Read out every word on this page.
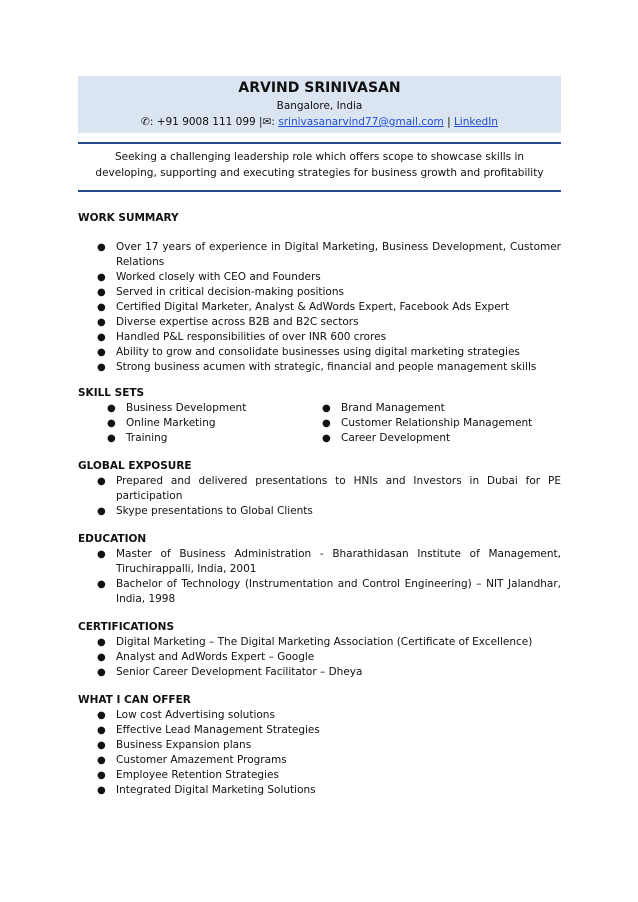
ARVIND SRINIVASAN
Bangalore, India
✆: +91 9008 111 099 |✉: srinivasanarvind77@gmail.com | LinkedIn
Seeking a challenging leadership role which offers scope to showcase skills in developing, supporting and executing strategies for business growth and profitability
WORK SUMMARY
● Over 17 years of experience in Digital Marketing, Business Development, Customer Relations
● Worked closely with CEO and Founders
● Served in critical decision-making positions
● Certified Digital Marketer, Analyst & AdWords Expert, Facebook Ads Expert
● Diverse expertise across B2B and B2C sectors
● Handled P&L responsibilities of over INR 600 crores
● Ability to grow and consolidate businesses using digital marketing strategies
● Strong business acumen with strategic, financial and people management skills
SKILL SETS
● Business Development
● Online Marketing
● Training
● Brand Management
● Customer Relationship Management
● Career Development
GLOBAL EXPOSURE
● Prepared and delivered presentations to HNIs and Investors in Dubai for PE participation
● Skype presentations to Global Clients
EDUCATION
● Master of Business Administration - Bharathidasan Institute of Management, Tiruchirappalli, India, 2001
● Bachelor of Technology (Instrumentation and Control Engineering) – NIT Jalandhar, India, 1998
CERTIFICATIONS
● Digital Marketing – The Digital Marketing Association (Certificate of Excellence)
● Analyst and AdWords Expert – Google
● Senior Career Development Facilitator – Dheya
WHAT I CAN OFFER
● Low cost Advertising solutions
● Effective Lead Management Strategies
● Business Expansion plans
● Customer Amazement Programs
● Employee Retention Strategies
● Integrated Digital Marketing Solutions
